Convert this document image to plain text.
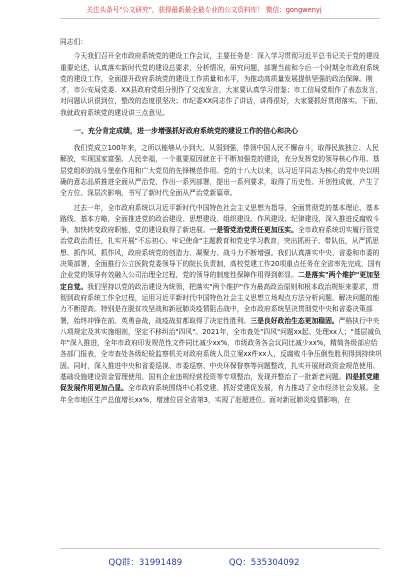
关注头条号"公文研究"，获得最新最全最专业的公文资料库！ 微信：gongwenyj

同志们：

今天我们召开全市政府系统党的建设工作会议，主要任务是：深入学习贯彻习近平总书记关于党的建设重要论述，认真落实新时代党的建设总要求，分析情况，研究问题，部署当前和今后一个时期全市政府系统党的建设工作，全面提升政府系统党的建设工作质量和水平，为推动高质量发展提供坚强的政治保障。刚才，市公安局党委、XX县政府党组分别作了交流发言，大家要认真学习借鉴；市工信局党组作了表态发言，对问题认识很到位，整改的态度很坚决；市纪委XX同志作了讲话，讲得很好，大家要抓好贯彻落实。下面，我就政府系统党的建设讲三点意见。

一、充分肯定成绩，进一步增强抓好政府系统党的建设工作的信心和决心

我们党成立100年来，之所以能够从小到大、从弱到强，带领中国人民不懈奋斗，取得民族独立、人民解放，实现国家富强、人民幸福，一个重要原因就在于不断加强党的建设，充分发挥党的领导核心作用、基层党组织的战斗堡垒作用和广大党员的先锋模范作用。党的十八大以来，以习近平同志为核心的党中央以明确的意志品质推进全面从严治党，作出一系列部署，提出一系列要求，取得了历史性、开创性成就，产生了全方位、深层次影响，书写了新时代全面从严治党新篇章。

过去一年，全市政府系统以习近平新时代中国特色社会主义思想为指导，全面贯彻党的基本理论、基本路线、基本方略，全面推进党的政治建设、思想建设、组织建设、作风建设、纪律建设，深入推进反腐败斗争，加快转变政府职能，党的建设取得了新进展。一是管党治党责任更加压实。全市政府系统切实履行管党治党政治责任，扎实开展"不忘初心、牢记使命"主题教育和党史学习教育，突出抓班子、带队伍，从严抓思想、抓作风、抓作风，政府系统党的创造力、凝聚力、战斗力不断增强。我们认真落实中央、省委和市委的决策部署，全面推行公立医院党委领导下的院长负责制，高校党建工作20项重点任务在全省率先完成，国有企业党的领导有效融入公司治理全过程，党的领导的制度性保障作用得到彰显。二是落实"两个维护"更加坚定自觉。我们坚持以党的政治建设为统领，把落实"两个维护"作为最高政治原则和根本政治规矩来要求，贯彻到政府系统工作全过程，运用习近平新时代中国特色社会主义思想立场观点方法分析问题、解决问题的能力不断提高。特别是在脱贫攻坚战和新冠肺炎疫情阻击战中，全市政府系统坚决贯彻党中央和省委决策部署，始终冲锋在前、英勇奋战，战疫战贫都取得了决定性胜利。三是良好政治生态更加稳固。严格执行中央八项规定及其实施细则，坚定不移纠治"四风"。2021年，全市查处"四风"问题xx起、处理xx人；"基层减负年"深入推进，全年市政府印发规范性文件同比减少xx%，市级政务各会议同比减少xx%，精简各级部应给各部门报表，全市查处各级纪检监察机关对政府系统人员立案xx件xx人，反腐败斗争压倒性胜利得到持续巩固。同时，深入推进中央和省委巡视、市委巡察、中央环保督察等问题整改，扎实开展财政资金规范使用、基础设施建设资金管理使用、国有企业违规经营投资等专项整治，发现并整治了一批新老问题。四是抓党建促发展作用更加凸显。全市政府系统围绕中心抓党建、抓好党建促发展，有力推动了全市经济社会发展。全年全市地区生产总值增长xx%，增速位居全省第3，实现了赶超进位。面对新冠肺炎疫情影响，在

QQ群：31991489	QQ：535304092
